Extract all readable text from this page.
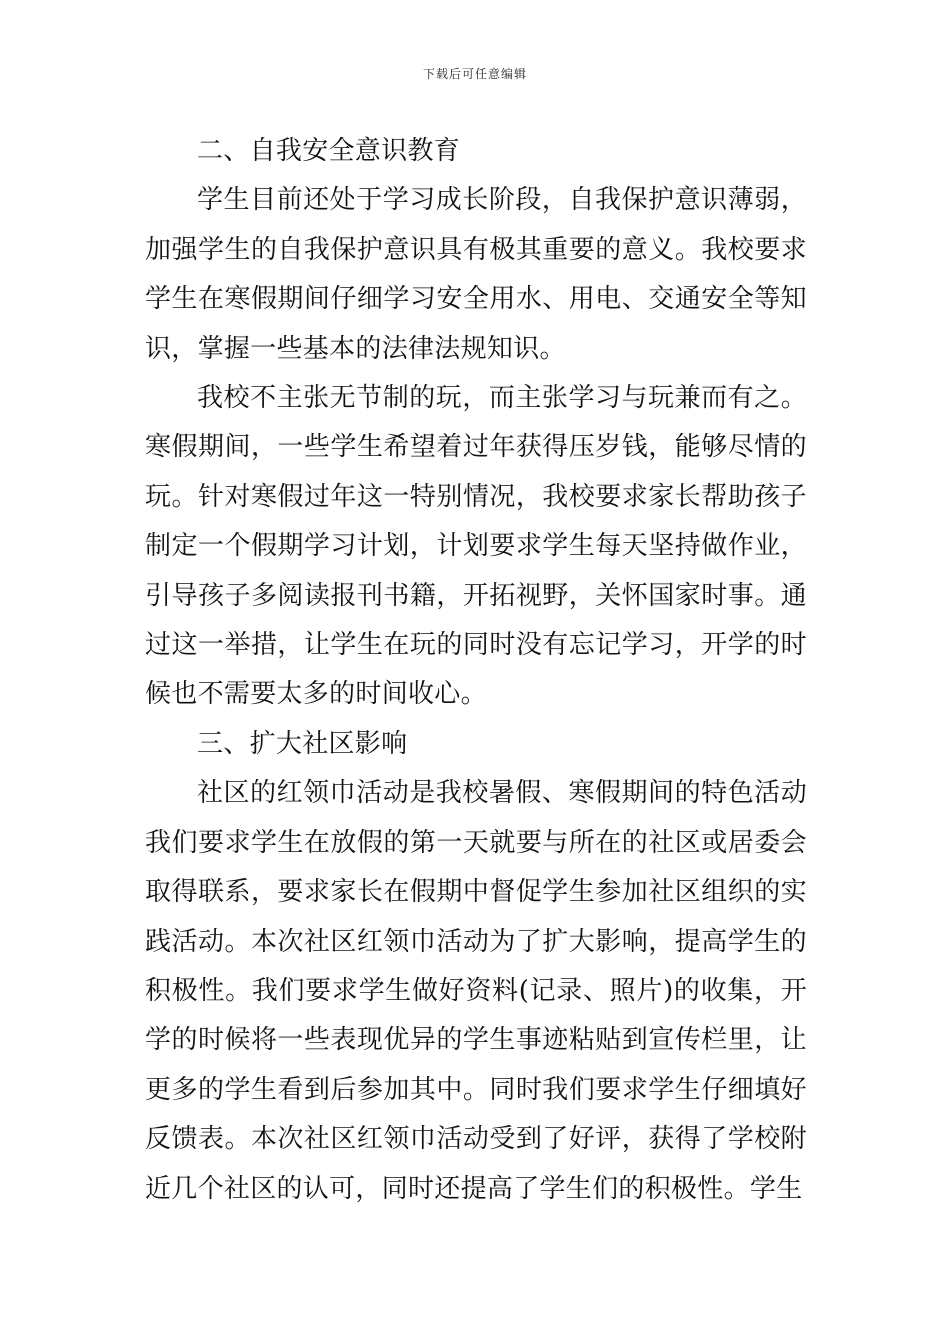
下载后可任意编辑

二、自我安全意识教育

学生目前还处于学习成长阶段，自我保护意识薄弱，加强学生的自我保护意识具有极其重要的意义。我校要求学生在寒假期间仔细学习安全用水、用电、交通安全等知识，掌握一些基本的法律法规知识。

我校不主张无节制的玩，而主张学习与玩兼而有之。寒假期间，一些学生希望着过年获得压岁钱，能够尽情的玩。针对寒假过年这一特别情况，我校要求家长帮助孩子制定一个假期学习计划，计划要求学生每天坚持做作业，引导孩子多阅读报刊书籍，开拓视野，关怀国家时事。通过这一举措，让学生在玩的同时没有忘记学习，开学的时候也不需要太多的时间收心。

三、扩大社区影响

社区的红领巾活动是我校暑假、寒假期间的特色活动我们要求学生在放假的第一天就要与所在的社区或居委会取得联系，要求家长在假期中督促学生参加社区组织的实践活动。本次社区红领巾活动为了扩大影响，提高学生的积极性。我们要求学生做好资料(记录、照片)的收集，开学的时候将一些表现优异的学生事迹粘贴到宣传栏里，让更多的学生看到后参加其中。同时我们要求学生仔细填好反馈表。本次社区红领巾活动受到了好评，获得了学校附近几个社区的认可，同时还提高了学生们的积极性。学生
